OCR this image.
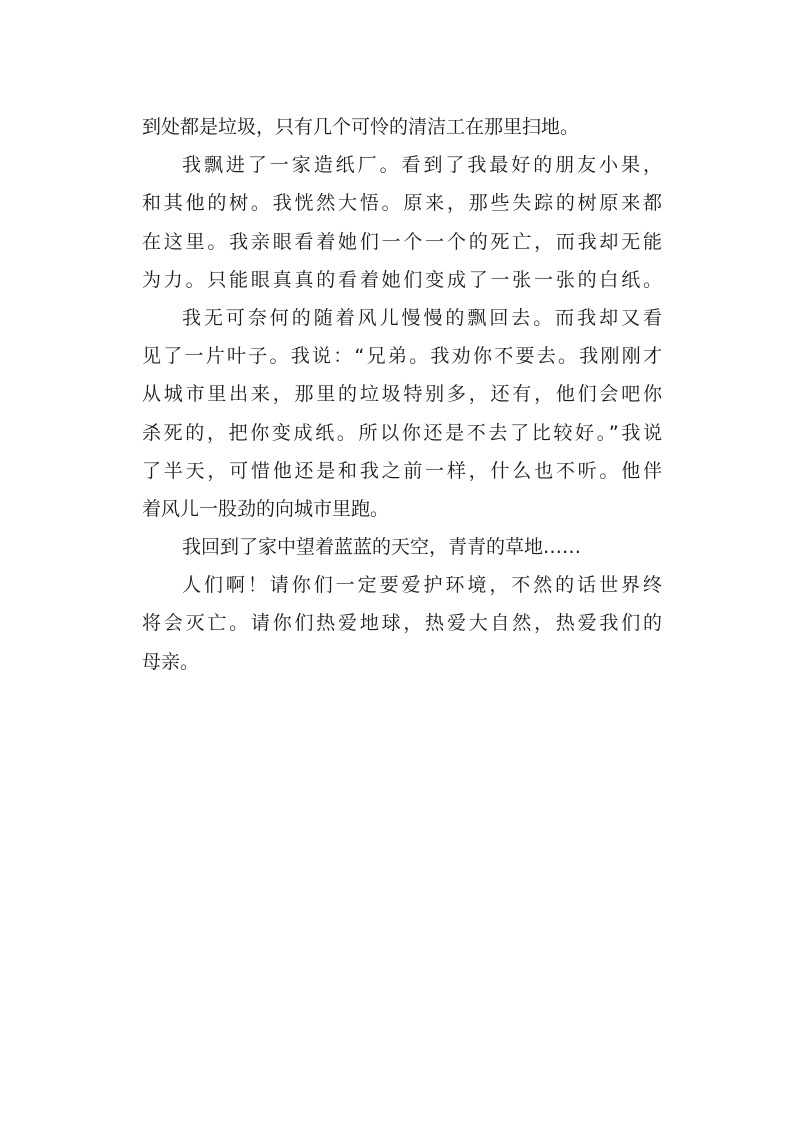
到处都是垃圾，只有几个可怜的清洁工在那里扫地。
我飘进了一家造纸厂。看到了我最好的朋友小果，
和其他的树。我恍然大悟。原来，那些失踪的树原来都
在这里。我亲眼看着她们一个一个的死亡，而我却无能
为力。只能眼真真的看着她们变成了一张一张的白纸。
我无可奈何的随着风儿慢慢的飘回去。而我却又看
见了一片叶子。我说：“兄弟。我劝你不要去。我刚刚才
从城市里出来，那里的垃圾特别多，还有，他们会吧你
杀死的，把你变成纸。所以你还是不去了比较好。”我说
了半天，可惜他还是和我之前一样，什么也不听。他伴
着风儿一股劲的向城市里跑。
我回到了家中望着蓝蓝的天空，青青的草地……
人们啊！请你们一定要爱护环境，不然的话世界终
将会灭亡。请你们热爱地球，热爱大自然，热爱我们的
母亲。
